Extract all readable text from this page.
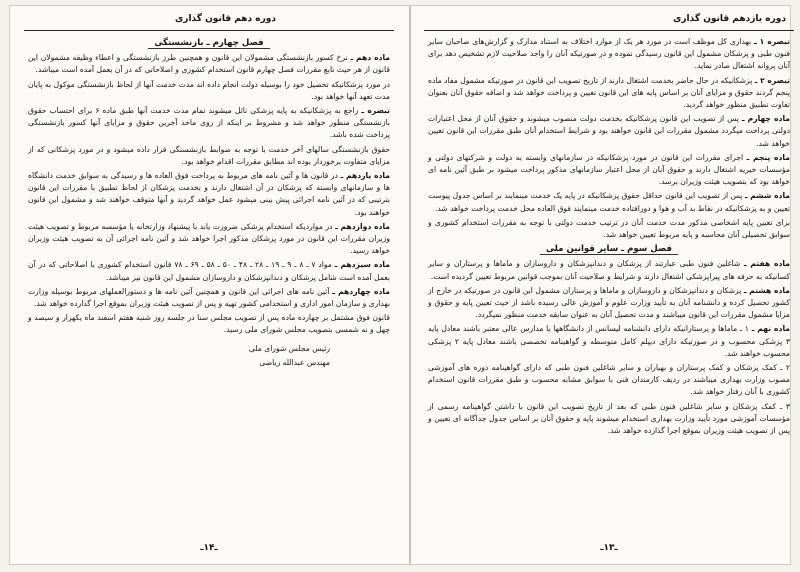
دوره دهم قانون گذاری
فصل چهارم ـ بازنشستگی

ماده دهم ـ نرخ کسور بازنشستگی مشمولان این قانون و همچنین طرز بازنشستگی و اعطاء وظیفه مشمولان این قانون از هر حیث تابع مقررات فصل چهارم قانون استخدام کشوری و اصلاحاتی که در آن بعمل آمده است میباشد.

در مورد پزشکانیکه تحصیل خود را بوسیله دولت انجام داده اند مدت خدمت آنها از لحاظ بازنشستگی موکول به پایان مدت تعهد آنها خواهد بود.

تبصره ـ راجع به پزشکانیکه به پایه پزشکی نائل میشوند تمام مدت خدمت آنها طبق ماده ۶ برای احتساب حقوق بازنشستگی منظور خواهد شد و مشروط بر اینکه از روی ماخذ آخرین حقوق و مزایای آنها کسور بازنشستگی پرداخت شده باشد.

حقوق بازنشستگی سالهای آخر خدمت با توجه به ضوابط بازنشستگی قرار داده میشود و در مورد پزشکانی که از مزایای متفاوت برخوردار بوده اند مطابق مقررات اقدام خواهد بود.

ماده یازدهم ـ در قانون ها و آئین نامه های مربوط به پرداخت فوق العاده ها و رسیدگی به سوابق خدمت دانشگاه ها و سازمانهای وابسته که پزشکان در آن اشتغال دارند و بخدمت پزشکان از لحاظ تطبیق با مقررات این قانون بترتیبی که در آئین نامه اجرائی پیش بینی میشود عمل خواهد گردید و آنها متوقف خواهند شد و مشمول این قانون خواهند بود.

ماده دوازدهم ـ در مواردیکه استخدام پزشکی ضرورت یابد با پیشنهاد وزارتخانه یا مؤسسه مربوط و تصویب هیئت وزیران مقررات این قانون در مورد پزشکان مذکور اجرا خواهد شد و آئین نامه اجرائی آن به تصویب هیئت وزیران خواهد رسید.

ماده سیزدهم ـ مواد ۷ ـ ۸ ـ ۹ ـ ۱۹ ـ ۲۸ ـ ۴۸ ـ ۵۰ ـ ۵۸ ـ ۶۹ ـ ۷۸ قانون استخدام کشوری با اصلاحاتی که در آن بعمل آمده است شامل پزشکان و دندانپزشکان و داروسازان مشمول این قانون نیز میباشد.

ماده چهاردهم ـ آئین نامه های اجرائی این قانون و همچنین آئین نامه ها و دستورالعملهای مربوط بوسیله وزارت بهداری و سازمان امور اداری و استخدامی کشور تهیه و پس از تصویب هیئت وزیران بموقع اجرا گذارده خواهد شد.

قانون فوق مشتمل بر چهارده ماده پس از تصویب مجلس سنا در جلسه روز شنبه هفتم اسفند ماه یکهزار و سیصد و چهل و نه شمسی بتصویب مجلس شورای ملی رسید.

رئیس مجلس شورای ملی
مهندس عبدالله ریاضی
ـ۱۴ـ
دوره یازدهم قانون گذاری

تبصره ۱ ـ بهداری کل موظف است در مورد هر یک از موارد اختلاف به استناد مدارک و گزارش‌های صاحبان سایر فنون طبی و پزشکان مشمول این قانون رسیدگی نموده و در صورتیکه آنان را واجد صلاحیت لازم تشخیص دهد برای آنان پروانه اشتغال صادر نماید.

تبصره ۲ ـ پزشکانیکه در حال حاضر بخدمت اشتغال دارند از تاریخ تصویب این قانون در صورتیکه مشمول مفاد ماده پنجم گردند حقوق و مزایای آنان بر اساس پایه های این قانون تعیین و پرداخت خواهد شد و اضافه حقوق آنان بعنوان تفاوت تطبیق منظور خواهد گردید.

ماده چهارم ـ پس از تصویب این قانون پزشکانیکه بخدمت دولت منصوب میشوند و حقوق آنان از محل اعتبارات دولتی پرداخت میگردد مشمول مقررات این قانون خواهند بود و شرایط استخدام آنان طبق مقررات این قانون تعیین خواهد شد.

ماده پنجم ـ اجرای مقررات این قانون در مورد پزشکانیکه در سازمانهای وابسته به دولت و شرکتهای دولتی و مؤسسات خیریه اشتغال دارند و حقوق آنان از محل اعتبار سازمانهای مذکور پرداخت میشود بر طبق آئین نامه ای خواهد بود که بتصویب هیئت وزیران برسد.

ماده ششم ـ پس از تصویب این قانون حداقل حقوق پزشکانیکه در پایه یک خدمت مینمایند بر اساس جدول پیوست تعیین و به پزشکانیکه در نقاط بد آب و هوا و دورافتاده خدمت مینمایند فوق العاده محل خدمت پرداخت خواهد شد.

برای تعیین پایه اشخاصی مذکور مدت خدمت آنان در ترتیب خدمت دولتی با توجه به مقررات استخدام کشوری و سوابق تحصیلی آنان محاسبه و پایه مربوط تعیین خواهد شد.

فصل سوم ـ سایر قوانین ملی

ماده هفتم ـ شاغلین فنون طبی عبارتند از پزشکان و دندانپزشکان و داروسازان و ماماها و پرستاران و سایر کسانیکه به حرفه های پیراپزشکی اشتغال دارند و شرایط و صلاحیت آنان بموجب قوانین مربوط تعیین گردیده است.

ماده هشتم ـ پزشکان و دندانپزشکان و داروسازان و ماماها و پرستاران مشمول این قانون در صورتیکه در خارج از کشور تحصیل کرده و دانشنامه آنان به تأیید وزارت علوم و آموزش عالی رسیده باشد از حیث تعیین پایه و حقوق و مزایا مشمول مقررات این قانون میباشند و مدت تحصیل آنان به عنوان سابقه خدمت منظور نمیگردد.

ماده نهم ـ ۱ ـ ماماها و پرستارانیکه دارای دانشنامه لیسانس از دانشگاهها یا مدارس عالی معتبر باشند معادل پایه ۳ پزشکی محسوب و در صورتیکه دارای دیپلم کامل متوسطه و گواهینامه تخصصی باشند معادل پایه ۲ پزشکی محسوب خواهند شد.

۲ ـ کمک پزشکان و کمک پرستاران و بهیاران و سایر شاغلین فنون طبی که دارای گواهینامه دوره های آموزشی مصوب وزارت بهداری میباشند در ردیف کارمندان فنی با سوابق مشابه محسوب و طبق مقررات قانون استخدام کشوری با آنان رفتار خواهد شد.

۳ ـ کمک پزشکان و سایر شاغلین فنون طبی که بعد از تاریخ تصویب این قانون با داشتن گواهینامه رسمی از مؤسسات آموزشی مورد تأیید وزارت بهداری استخدام میشوند پایه و حقوق آنان بر اساس جدول جداگانه ای تعیین و پس از تصویب هیئت وزیران بموقع اجرا گذارده خواهد شد.

ـ۱۳ـ
